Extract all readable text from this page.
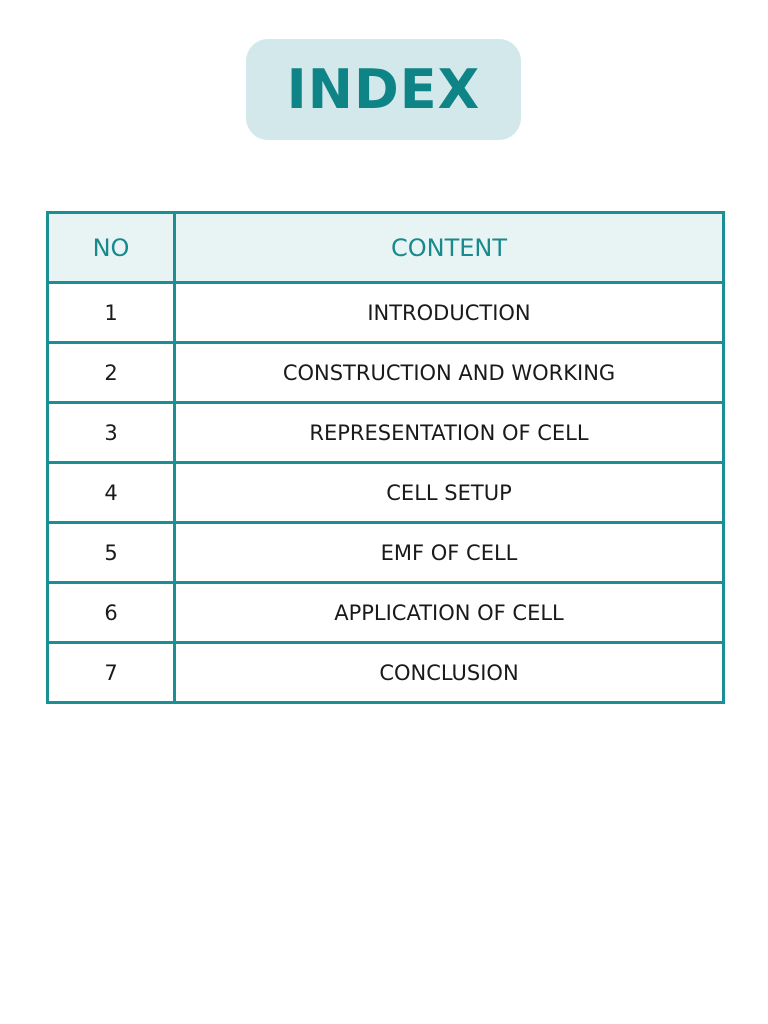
INDEX
NO	CONTENT
1	INTRODUCTION
2	CONSTRUCTION AND WORKING
3	REPRESENTATION OF CELL
4	CELL SETUP
5	EMF OF CELL
6	APPLICATION OF CELL
7	CONCLUSION
